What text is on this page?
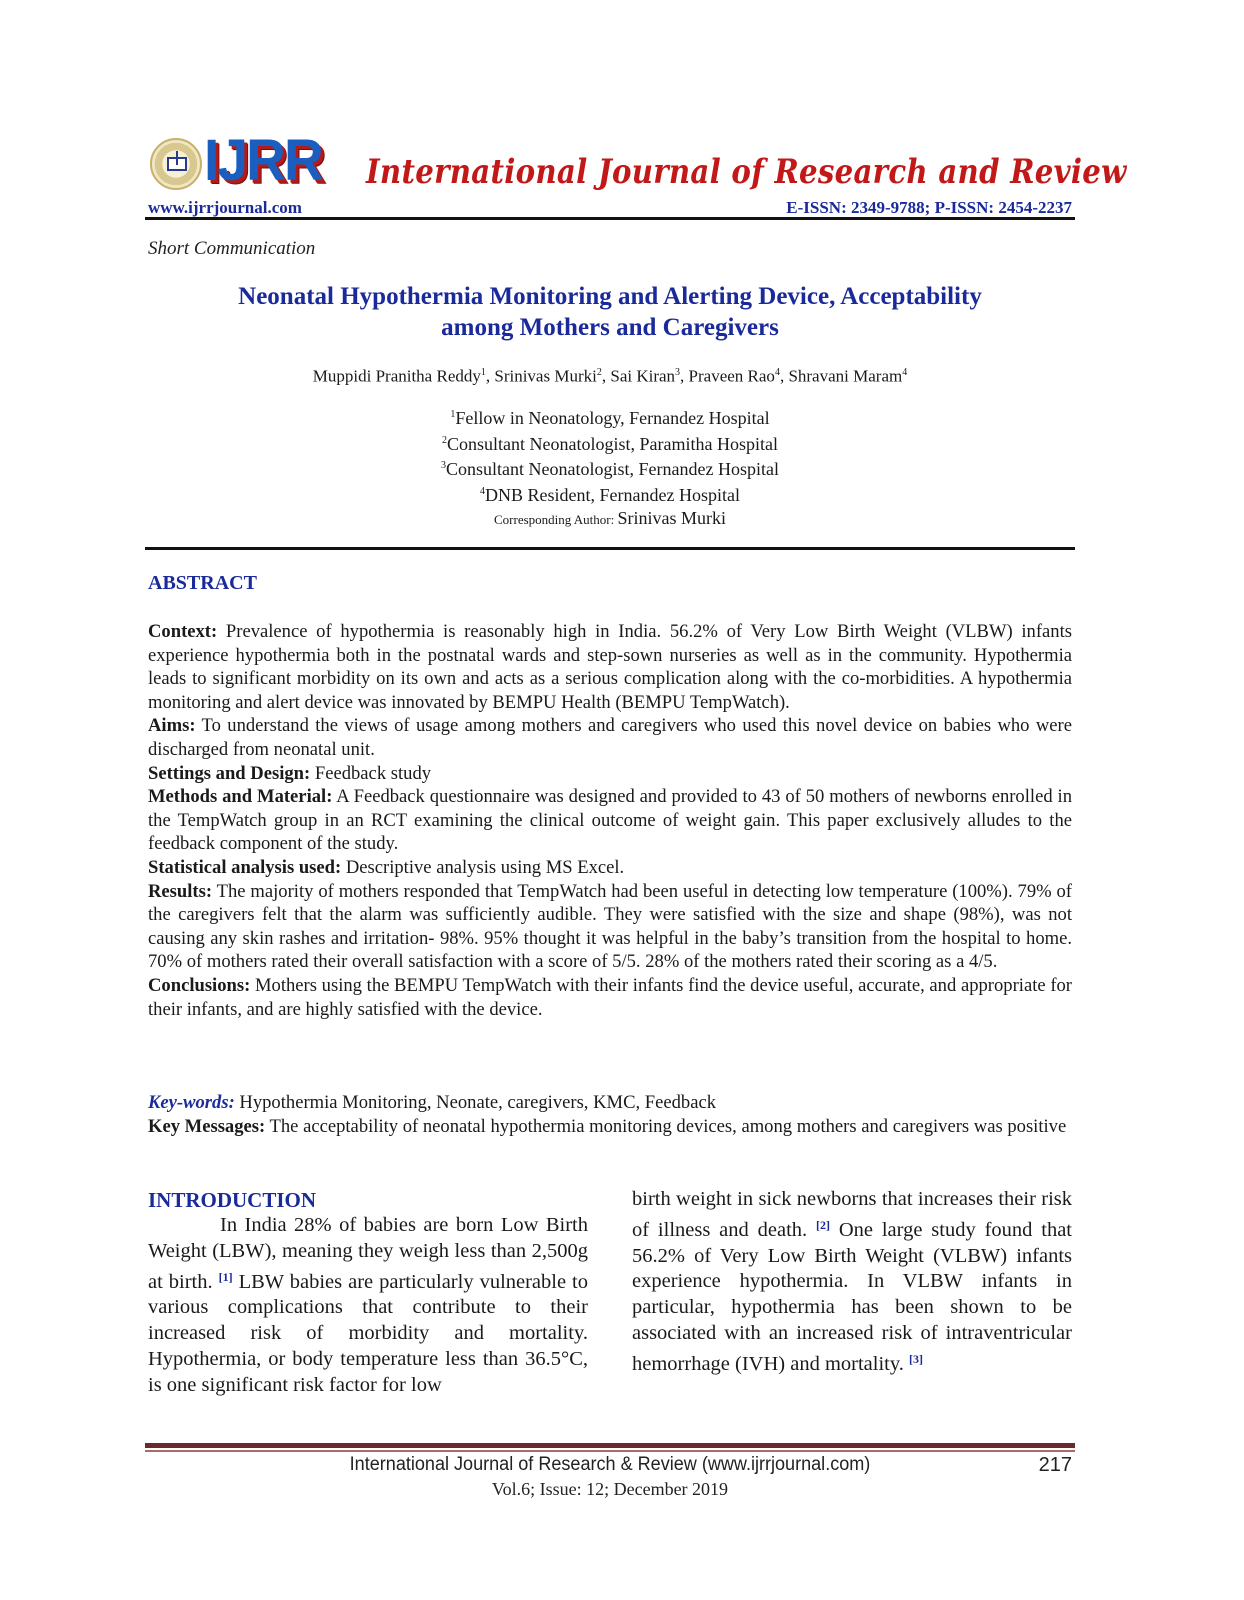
IJRR International Journal of Research and Review
www.ijrrjournal.com	E-ISSN: 2349-9788; P-ISSN: 2454-2237
Short Communication
Neonatal Hypothermia Monitoring and Alerting Device, Acceptability
among Mothers and Caregivers
Muppidi Pranitha Reddy$^1$, Srinivas Murki$^2$, Sai Kiran$^3$, Praveen Rao$^4$, Shravani Maram$^4$
$^1$Fellow in Neonatology, Fernandez Hospital
$^2$Consultant Neonatologist, Paramitha Hospital
$^3$Consultant Neonatologist, Fernandez Hospital
$^4$DNB Resident, Fernandez Hospital
Corresponding Author: Srinivas Murki
ABSTRACT

Context: Prevalence of hypothermia is reasonably high in India. 56.2% of Very Low Birth Weight (VLBW) infants experience hypothermia both in the postnatal wards and step-sown nurseries as well as in the community. Hypothermia leads to significant morbidity on its own and acts as a serious complication along with the co-morbidities. A hypothermia monitoring and alert device was innovated by BEMPU Health (BEMPU TempWatch).

Aims: To understand the views of usage among mothers and caregivers who used this novel device on babies who were discharged from neonatal unit.

Settings and Design: Feedback study

Methods and Material: A Feedback questionnaire was designed and provided to 43 of 50 mothers of newborns enrolled in the TempWatch group in an RCT examining the clinical outcome of weight gain. This paper exclusively alludes to the feedback component of the study.

Statistical analysis used: Descriptive analysis using MS Excel.

Results: The majority of mothers responded that TempWatch had been useful in detecting low temperature (100%). 79% of the caregivers felt that the alarm was sufficiently audible. They were satisfied with the size and shape (98%), was not causing any skin rashes and irritation- 98%. 95% thought it was helpful in the baby’s transition from the hospital to home. 70% of mothers rated their overall satisfaction with a score of 5/5. 28% of the mothers rated their scoring as a 4/5.

Conclusions: Mothers using the BEMPU TempWatch with their infants find the device useful, accurate, and appropriate for their infants, and are highly satisfied with the device.

Key-words: Hypothermia Monitoring, Neonate, caregivers, KMC, Feedback

Key Messages: The acceptability of neonatal hypothermia monitoring devices, among mothers and caregivers was positive

INTRODUCTION

In India 28% of babies are born Low Birth Weight (LBW), meaning they weigh less than 2,500g at birth. [1] LBW babies are particularly vulnerable to various complications that contribute to their increased risk of morbidity and mortality. Hypothermia, or body temperature less than 36.5°C, is one significant risk factor for low

birth weight in sick newborns that increases their risk of illness and death. [2] One large study found that 56.2% of Very Low Birth Weight (VLBW) infants experience hypothermia. In VLBW infants in particular, hypothermia has been shown to be associated with an increased risk of intraventricular hemorrhage (IVH) and mortality. [3]

International Journal of Research & Review (www.ijrrjournal.com)	217
Vol.6; Issue: 12; December 2019
